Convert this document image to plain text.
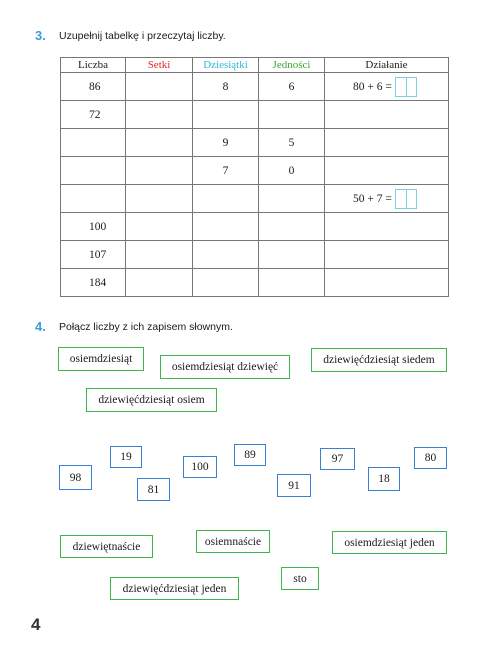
3. Uzupełnij tabelkę i przeczytaj liczby.
Liczba	Setki	Dziesiątki	Jedności	Działanie
86		8	6	80 + 6 =
72				
		9	5	
		7	0	
				50 + 7 =
100				
107				
184				
4. Połącz liczby z ich zapisem słownym.
osiemdziesiąt
osiemdziesiąt dziewięć
dziewięćdziesiąt siedem
dziewięćdziesiąt osiem
19	89	97	80
98
100
18
81	91
osiemnaście	osiemdziesiąt jeden
dziewiętnaście
sto
dziewięćdziesiąt jeden
4
